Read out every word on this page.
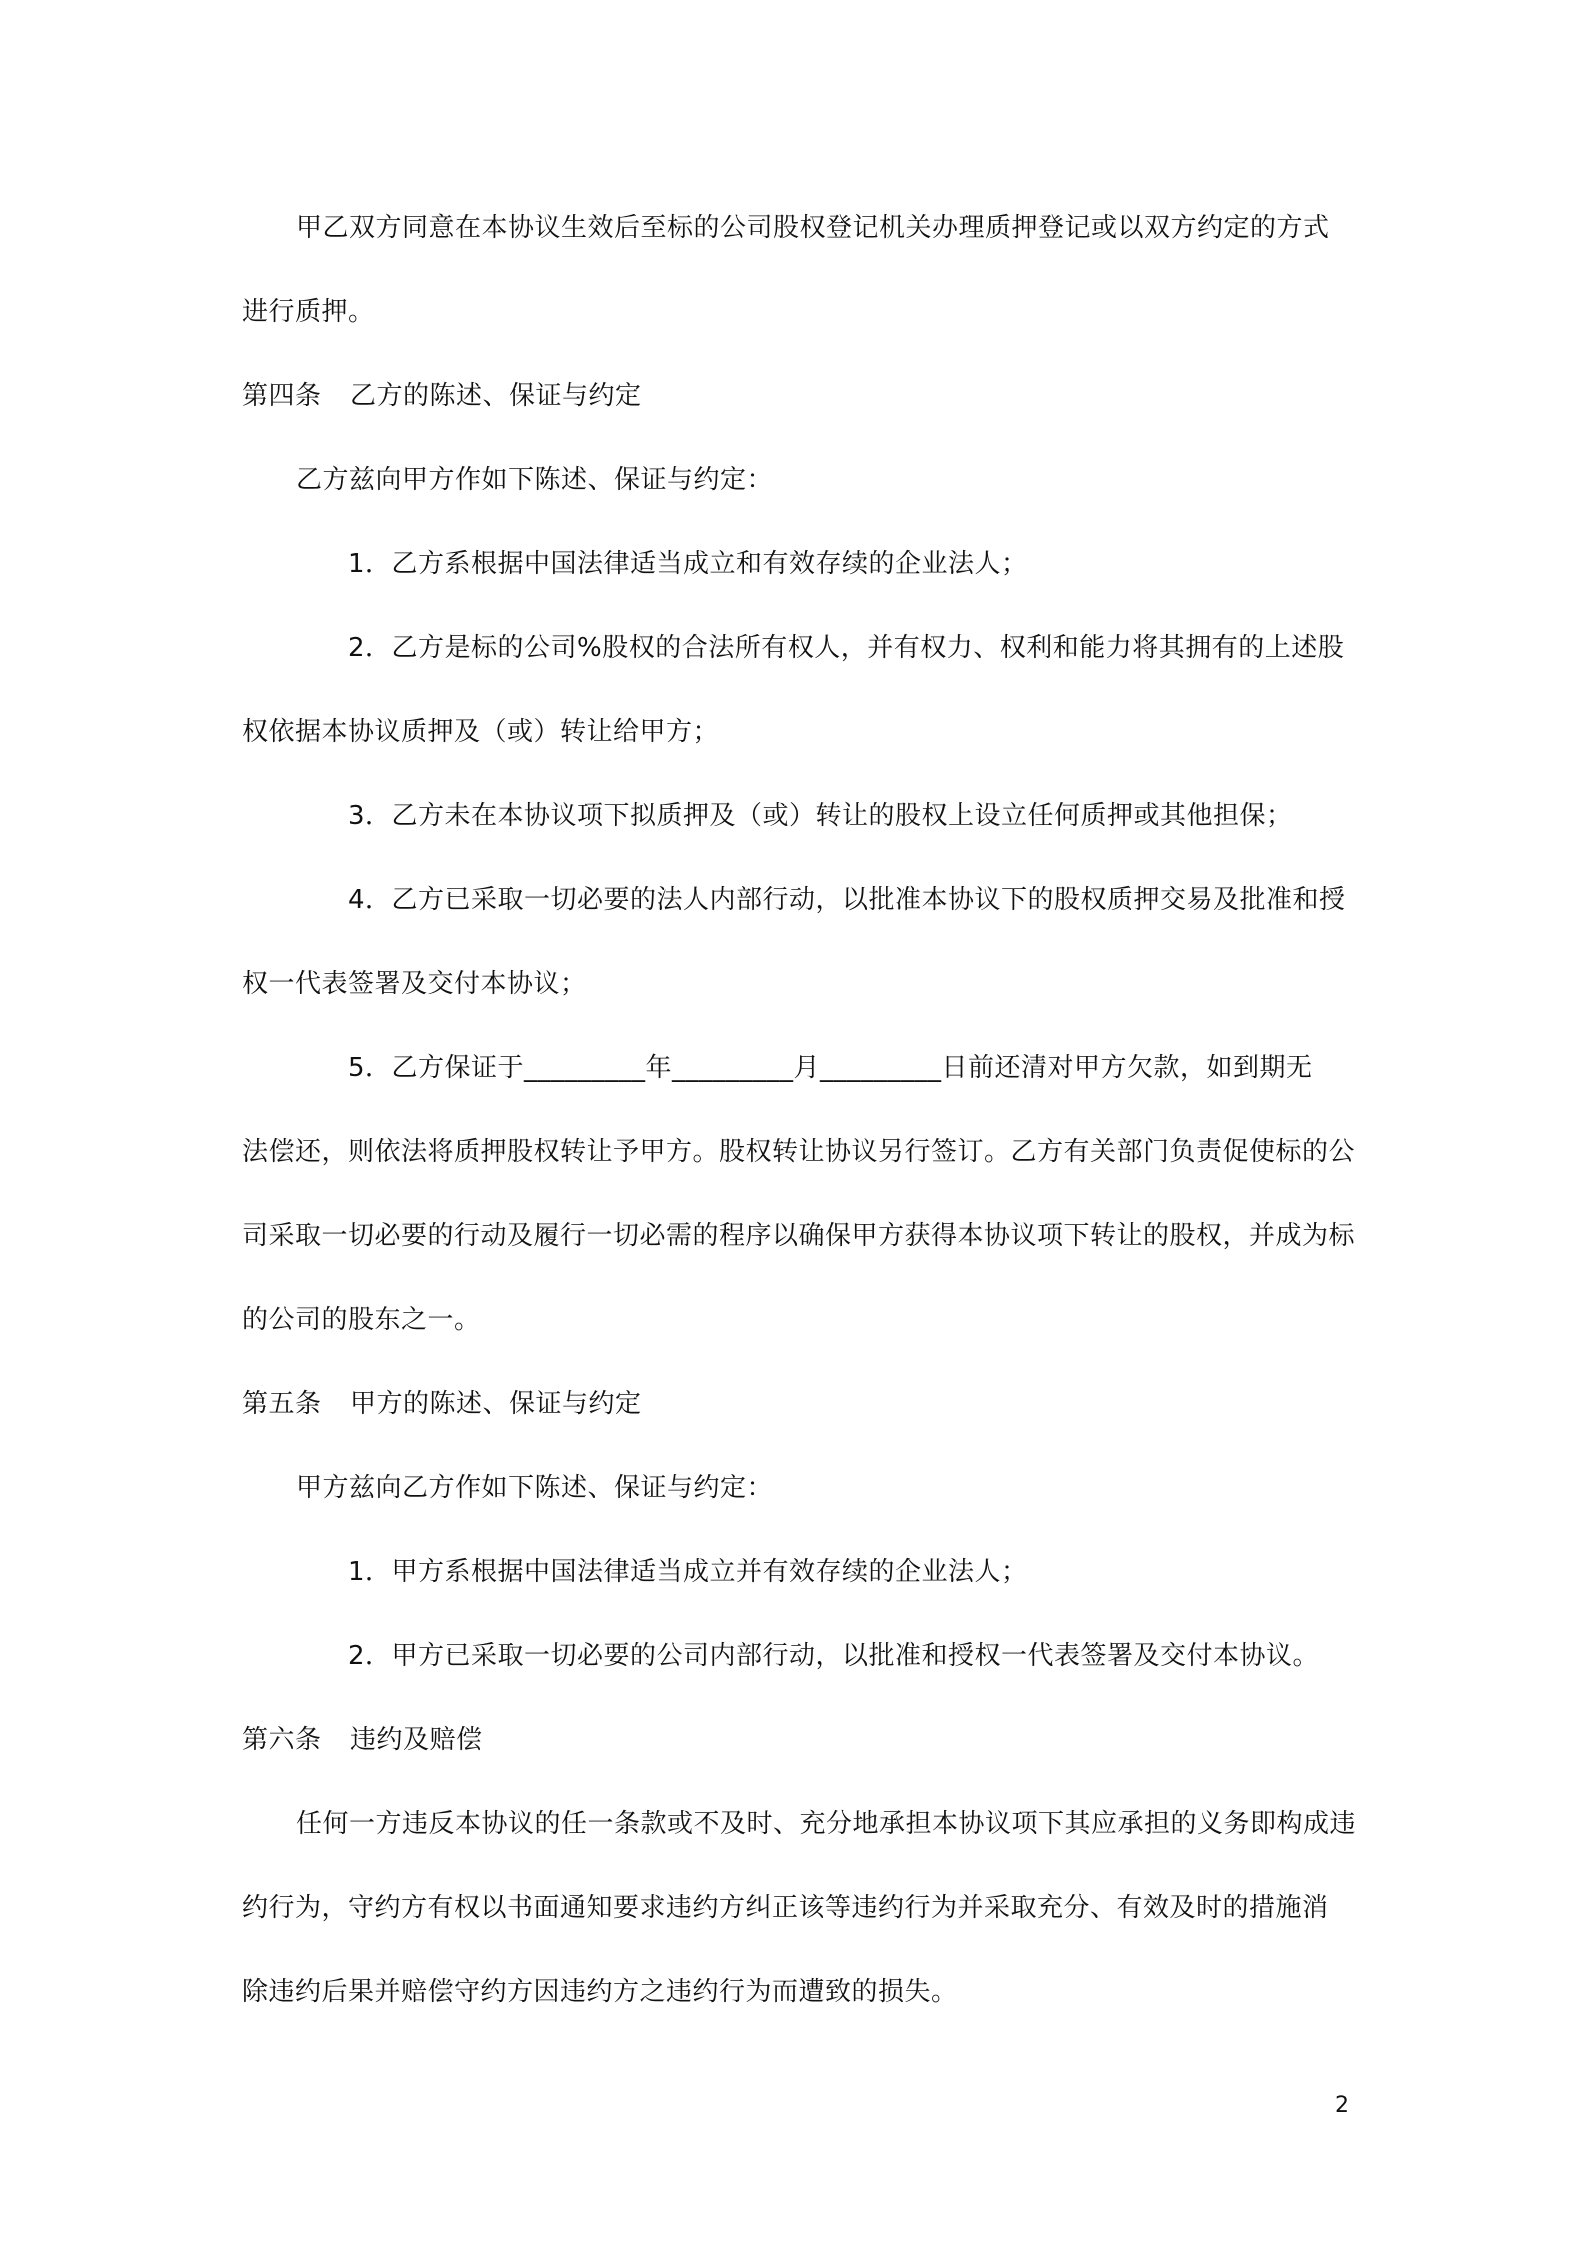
甲乙双方同意在本协议生效后至标的公司股权登记机关办理质押登记或以双方约定的方式
进行质押。
第四条 乙方的陈述、保证与约定
乙方兹向甲方作如下陈述、保证与约定：
1．乙方系根据中国法律适当成立和有效存续的企业法人；
2．乙方是标的公司%股权的合法所有权人，并有权力、权利和能力将其拥有的上述股
权依据本协议质押及（或）转让给甲方；
3．乙方未在本协议项下拟质押及（或）转让的股权上设立任何质押或其他担保；
4．乙方已采取一切必要的法人内部行动，以批准本协议下的股权质押交易及批准和授
权一代表签署及交付本协议；
5．乙方保证于_________年_________月_________日前还清对甲方欠款，如到期无
法偿还，则依法将质押股权转让予甲方。股权转让协议另行签订。乙方有关部门负责促使标的公
司采取一切必要的行动及履行一切必需的程序以确保甲方获得本协议项下转让的股权，并成为标
的公司的股东之一。
第五条 甲方的陈述、保证与约定
甲方兹向乙方作如下陈述、保证与约定：
1．甲方系根据中国法律适当成立并有效存续的企业法人；
2．甲方已采取一切必要的公司内部行动，以批准和授权一代表签署及交付本协议。
第六条 违约及赔偿
任何一方违反本协议的任一条款或不及时、充分地承担本协议项下其应承担的义务即构成违
约行为，守约方有权以书面通知要求违约方纠正该等违约行为并采取充分、有效及时的措施消
除违约后果并赔偿守约方因违约方之违约行为而遭致的损失。
2
